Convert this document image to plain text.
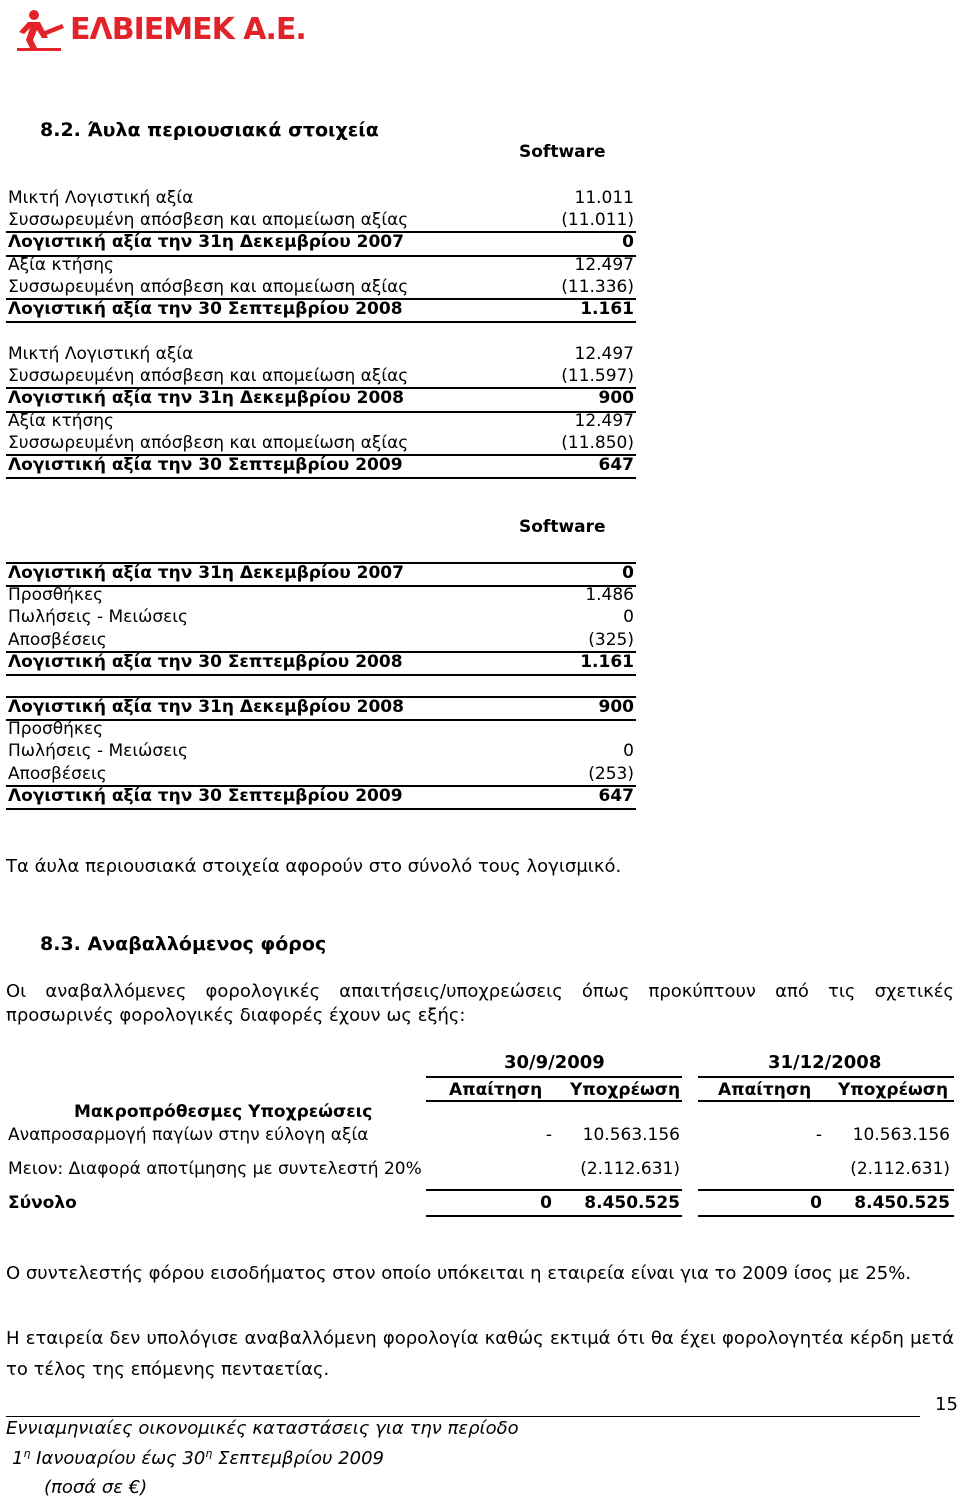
ΕΛΒΙΕΜΕΚ Α.Ε.
8.2. Άυλα περιουσιακά στοιχεία
Software
Μικτή Λογιστική αξία	11.011
Συσσωρευμένη απόσβεση και απομείωση αξίας	(11.011)
Λογιστική αξία την 31η Δεκεμβρίου 2007	0
Αξία κτήσης	12.497
Συσσωρευμένη απόσβεση και απομείωση αξίας	(11.336)
Λογιστική αξία την 30 Σεπτεμβρίου 2008	1.161
Μικτή Λογιστική αξία	12.497
Συσσωρευμένη απόσβεση και απομείωση αξίας	(11.597)
Λογιστική αξία την 31η Δεκεμβρίου 2008	900
Αξία κτήσης	12.497
Συσσωρευμένη απόσβεση και απομείωση αξίας	(11.850)
Λογιστική αξία την 30 Σεπτεμβρίου 2009	647
Software
Λογιστική αξία την 31η Δεκεμβρίου 2007	0
Προσθήκες	1.486
Πωλήσεις - Μειώσεις	0
Αποσβέσεις	(325)
Λογιστική αξία την 30 Σεπτεμβρίου 2008	1.161
Λογιστική αξία την 31η Δεκεμβρίου 2008	900
Προσθήκες
Πωλήσεις - Μειώσεις	0
Αποσβέσεις	(253)
Λογιστική αξία την 30 Σεπτεμβρίου 2009	647
Τα άυλα περιουσιακά στοιχεία αφορούν στο σύνολό τους λογισμικό.
8.3. Αναβαλλόμενος φόρος
Οι αναβαλλόμενες φορολογικές απαιτήσεις/υποχρεώσεις όπως προκύπτουν από τις σχετικές προσωρινές φορολογικές διαφορές έχουν ως εξής:
30/9/2009	31/12/2008
Απαίτηση Υποχρέωση Απαίτηση Υποχρέωση
Μακροπρόθεσμες Υποχρεώσεις
Αναπροσαρμογή παγίων στην εύλογη αξία	- 10.563.156	- 10.563.156
Μειον: Διαφορά αποτίμησης με συντελεστή 20%	(2.112.631)	(2.112.631)
Σύνολο	0 8.450.525	0 8.450.525
Ο συντελεστής φόρου εισοδήματος στον οποίο υπόκειται η εταιρεία είναι για το 2009 ίσος με 25%.
Η εταιρεία δεν υπολόγισε αναβαλλόμενη φορολογία καθώς εκτιμά ότι θα έχει φορολογητέα κέρδη μετά το τέλος της επόμενης πενταετίας.
15
Εννιαμηνιαίες οικονομικές καταστάσεις για την περίοδο
$1^\eta$ Ιανουαρίου έως $30^\eta$ Σεπτεμβρίου 2009
(ποσά σε €)
